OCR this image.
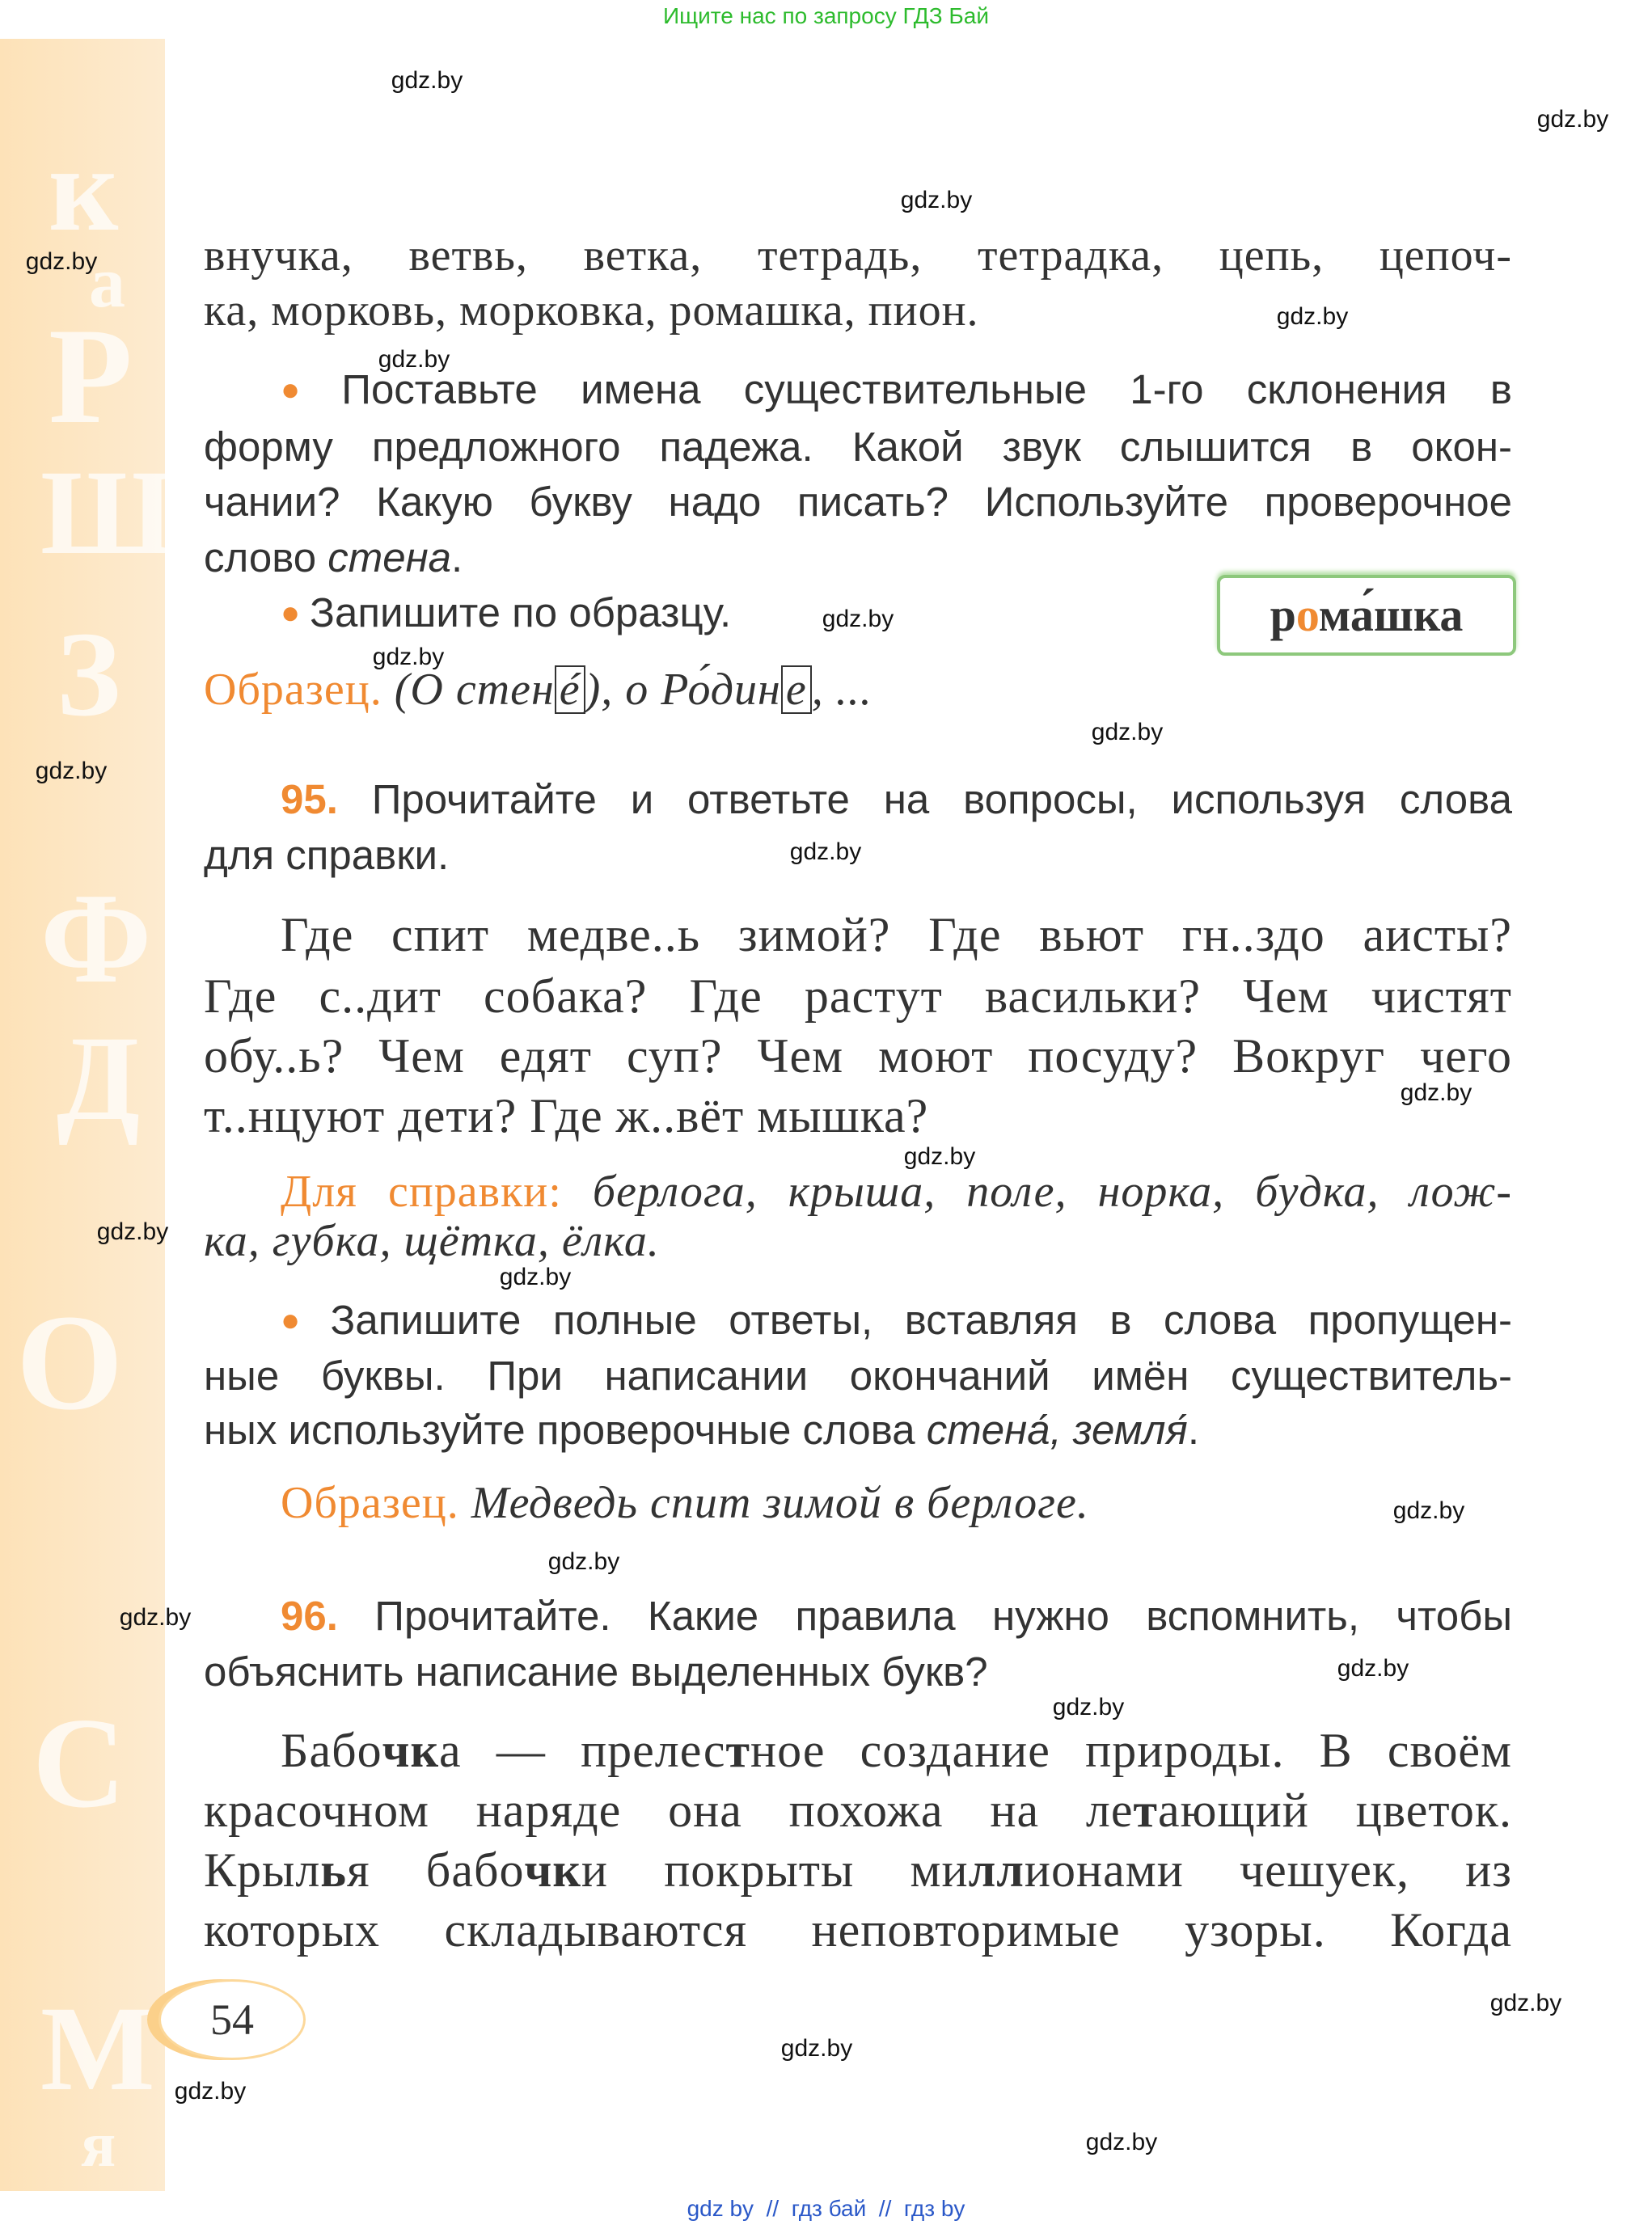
Ищите нас по запросу ГДЗ Бай
к
а
Р
Ш
З
Ф
Д
О
С
М
я
внучка, ветвь, ветка, тетрадь, тетрадка, цепь, цепоч-
ка, морковь, морковка, ромашка, пион.
● Поставьте имена существительные 1-го склонения в
форму предложного падежа. Какой звук слышится в окон-
чании? Какую букву надо писать? Используйте проверочное
слово стена.
● Запишите по образцу.	рома́шка
Образец. (О стен é ), о Ро́дин е , ...
95. Прочитайте и ответьте на вопросы, используя слова
для справки.
Где спит медве..ь зимой? Где вьют гн..здо аисты?
Где с..дит собака? Где растут васильки? Чем чистят
обу..ь? Чем едят суп? Чем моют посуду? Вокруг чего
т..нцуют дети? Где ж..вёт мышка?
Для справки: берлога, крыша, поле, норка, будка, лож-
ка, губка, щётка, ёлка.
● Запишите полные ответы, вставляя в слова пропущен-
ные буквы. При написании окончаний имён существитель-
ных используйте проверочные слова стена́, земля́.
Образец. Медведь спит зимой в берлоге.
96. Прочитайте. Какие правила нужно вспомнить, чтобы
объяснить написание выделенных букв?
Бабочка — прелестное создание природы. В своём
красочном наряде она похожа на летающий цветок.
Крылья бабочки покрыты миллионами чешуек, из
которых складываются неповторимые узоры. Когда
54
gdz.by
gdz.by
gdz.by
gdz.by
gdz.by
gdz.by
gdz.by
gdz.by
gdz.by
gdz.by
gdz.by
gdz.by
gdz.by
gdz.by
gdz.by
gdz.by
gdz.by
gdz.by
gdz.by
gdz.by
gdz.by
gdz.by
gdz.by
gdz.by
gdz by  //  гдз бай  //  гдз by
